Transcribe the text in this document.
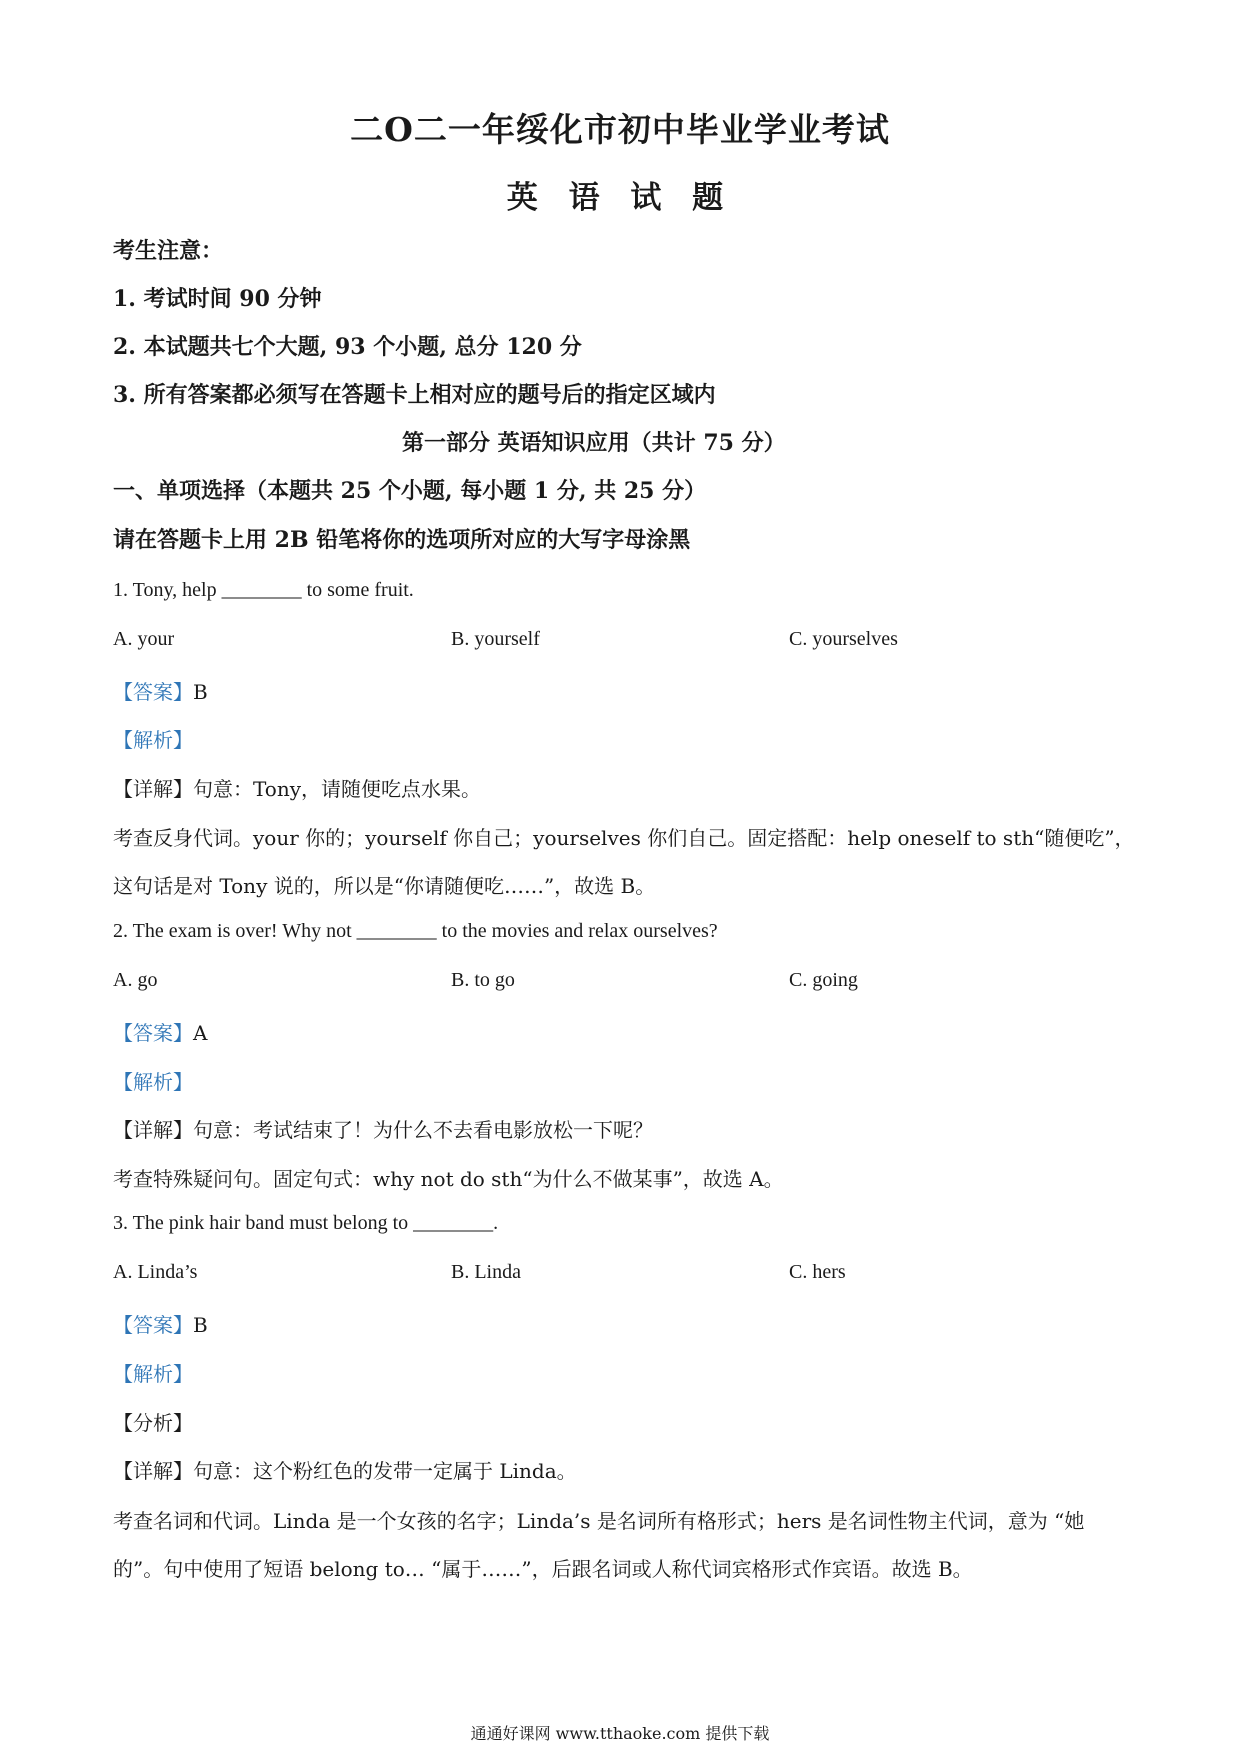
二O二一年绥化市初中毕业学业考试
英 语 试 题
考生注意：
1. 考试时间 90 分钟
2. 本试题共七个大题, 93 个小题, 总分 120 分
3. 所有答案都必须写在答题卡上相对应的题号后的指定区域内
第一部分 英语知识应用（共计 75 分）
一、单项选择（本题共 25 个小题, 每小题 1 分, 共 25 分）
请在答题卡上用 2B 铅笔将你的选项所对应的大写字母涂黑
1. Tony, help ________ to some fruit.
A. your	B. yourself	C. yourselves
【答案】B
【解析】
【详解】句意：Tony，请随便吃点水果。
考查反身代词。your 你的；yourself 你自己；yourselves 你们自己。固定搭配：help oneself to sth“随便吃”，
这句话是对 Tony 说的，所以是“你请随便吃……”，故选 B。
2. The exam is over! Why not ________ to the movies and relax ourselves?
A. go	B. to go	C. going
【答案】A
【解析】
【详解】句意：考试结束了！为什么不去看电影放松一下呢？
考查特殊疑问句。固定句式：why not do sth“为什么不做某事”，故选 A。
3. The pink hair band must belong to ________.
A. Linda’s	B. Linda	C. hers
【答案】B
【解析】
【分析】
【详解】句意：这个粉红色的发带一定属于 Linda。
考查名词和代词。Linda 是一个女孩的名字；Linda’s 是名词所有格形式；hers 是名词性物主代词，意为 “她
的”。句中使用了短语 belong to… “属于……”，后跟名词或人称代词宾格形式作宾语。故选 B。
通通好课网 www.tthaoke.com 提供下载
